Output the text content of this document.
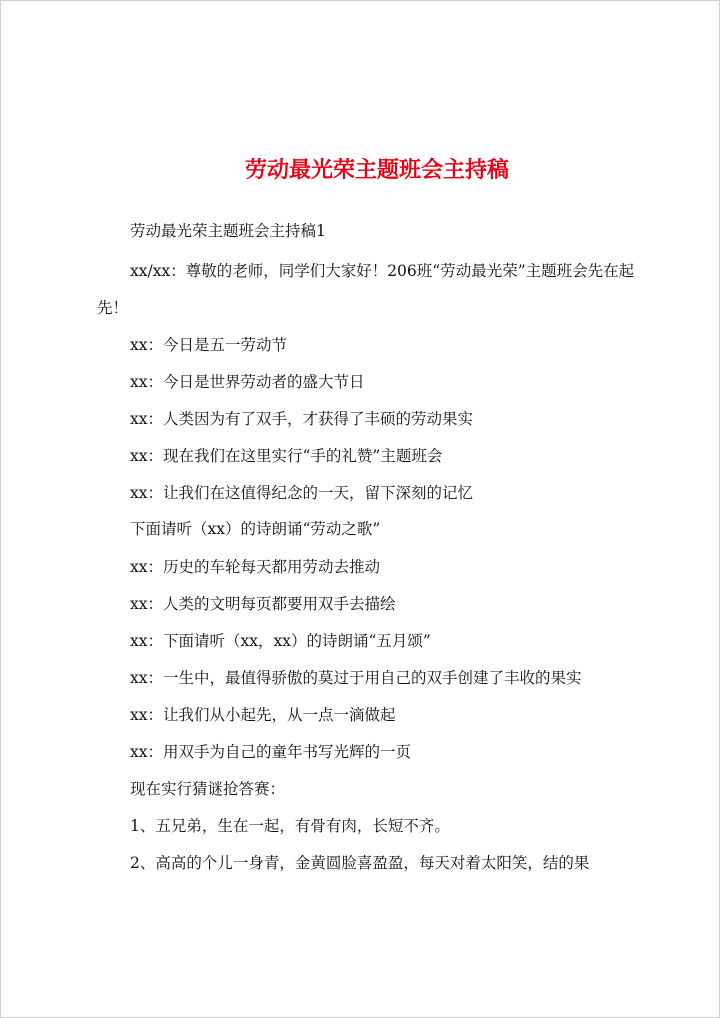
劳动最光荣主题班会主持稿

劳动最光荣主题班会主持稿1

xx/xx：尊敬的老师，同学们大家好！206班“劳动最光荣”主题班会先在起先！

xx：今日是五一劳动节

xx：今日是世界劳动者的盛大节日

xx：人类因为有了双手，才获得了丰硕的劳动果实

xx：现在我们在这里实行“手的礼赞”主题班会

xx：让我们在这值得纪念的一天，留下深刻的记忆

下面请听（xx）的诗朗诵“劳动之歌”

xx：历史的车轮每天都用劳动去推动

xx：人类的文明每页都要用双手去描绘

xx：下面请听（xx，xx）的诗朗诵“五月颂”

xx：一生中，最值得骄傲的莫过于用自己的双手创建了丰收的果实

xx：让我们从小起先，从一点一滴做起

xx：用双手为自己的童年书写光辉的一页

现在实行猜谜抢答赛：

1、五兄弟，生在一起，有骨有肉，长短不齐。

2、高高的个儿一身青，金黄圆脸喜盈盈，每天对着太阳笑，结的果
